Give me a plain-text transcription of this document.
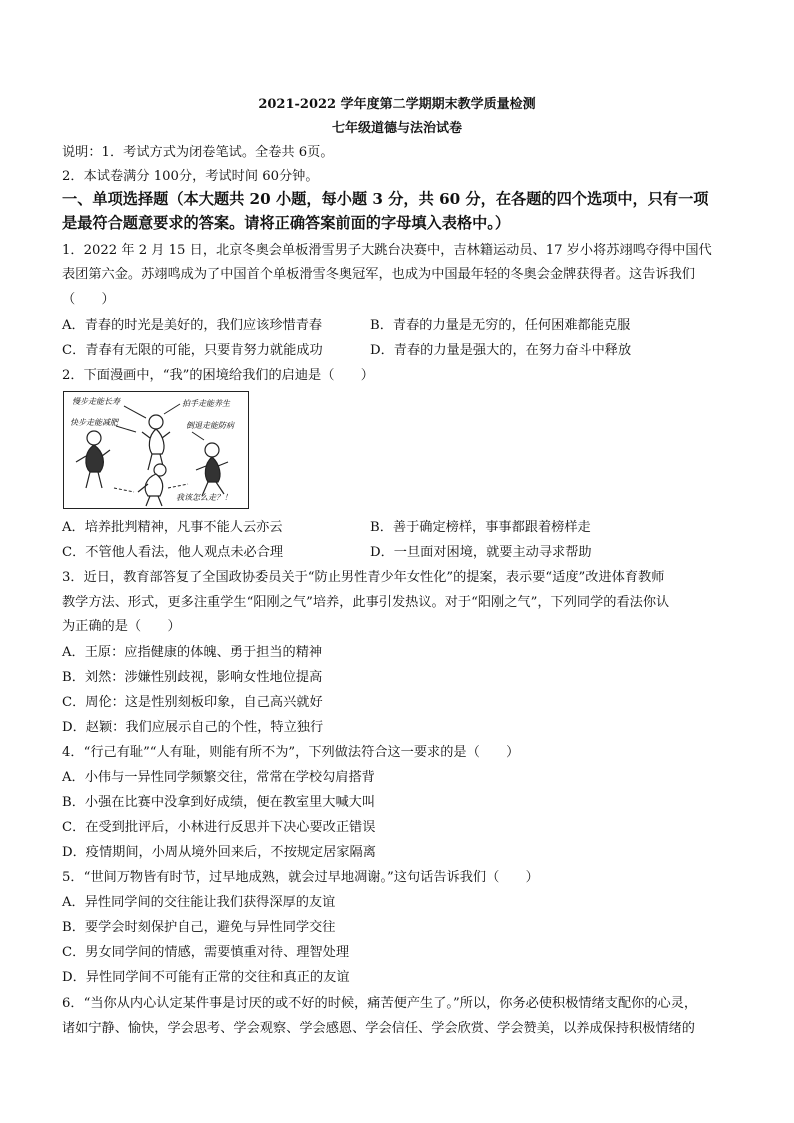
2021-2022 学年度第二学期期末教学质量检测
七年级道德与法治试卷
说明：1．考试方式为闭卷笔试。全卷共 6页。
2．本试卷满分 100分，考试时间 60分钟。
一、单项选择题（本大题共 20 小题，每小题 3 分，共 60 分，在各题的四个选项中，只有一项
是最符合题意要求的答案。请将正确答案前面的字母填入表格中。）
1．2022 年 2 月 15 日，北京冬奥会单板滑雪男子大跳台决赛中，吉林籍运动员、17 岁小将苏翊鸣夺得中国代
表团第六金。苏翊鸣成为了中国首个单板滑雪冬奥冠军，也成为中国最年轻的冬奥会金牌获得者。这告诉我们
（　　）
A．青春的时光是美好的，我们应该珍惜青春	B．青春的力量是无穷的，任何困难都能克服
C．青春有无限的可能，只要肯努力就能成功	D．青春的力量是强大的，在努力奋斗中释放
2．下面漫画中，“我”的困境给我们的启迪是（　　）
慢步走能长寿
快步走能减肥
拍手走能养生
倒退走能防病
我该怎么走？！
A．培养批判精神，凡事不能人云亦云	B．善于确定榜样，事事都跟着榜样走
C．不管他人看法，他人观点未必合理	D．一旦面对困境，就要主动寻求帮助
3．近日，教育部答复了全国政协委员关于“防止男性青少年女性化”的提案，表示要“适度”改进体育教师
教学方法、形式，更多注重学生“阳刚之气”培养，此事引发热议。对于“阳刚之气”，下列同学的看法你认
为正确的是（　　）
A．王原：应指健康的体魄、勇于担当的精神
B．刘然：涉嫌性别歧视，影响女性地位提高
C．周伦：这是性别刻板印象，自己高兴就好
D．赵颖：我们应展示自己的个性，特立独行
4．“行己有耻”“人有耻，则能有所不为”，下列做法符合这一要求的是（　　）
A．小伟与一异性同学频繁交往，常常在学校勾肩搭背
B．小强在比赛中没拿到好成绩，便在教室里大喊大叫
C．在受到批评后，小林进行反思并下决心要改正错误
D．疫情期间，小周从境外回来后，不按规定居家隔离
5．“世间万物皆有时节，过早地成熟，就会过早地凋谢。”这句话告诉我们（　　）
A．异性同学间的交往能让我们获得深厚的友谊
B．要学会时刻保护自己，避免与异性同学交往
C．男女同学间的情感，需要慎重对待、理智处理
D．异性同学间不可能有正常的交往和真正的友谊
6．“当你从内心认定某件事是讨厌的或不好的时候，痛苦便产生了。”所以，你务必使积极情绪支配你的心灵，
诸如宁静、愉快，学会思考、学会观察、学会感恩、学会信任、学会欣赏、学会赞美，以养成保持积极情绪的
